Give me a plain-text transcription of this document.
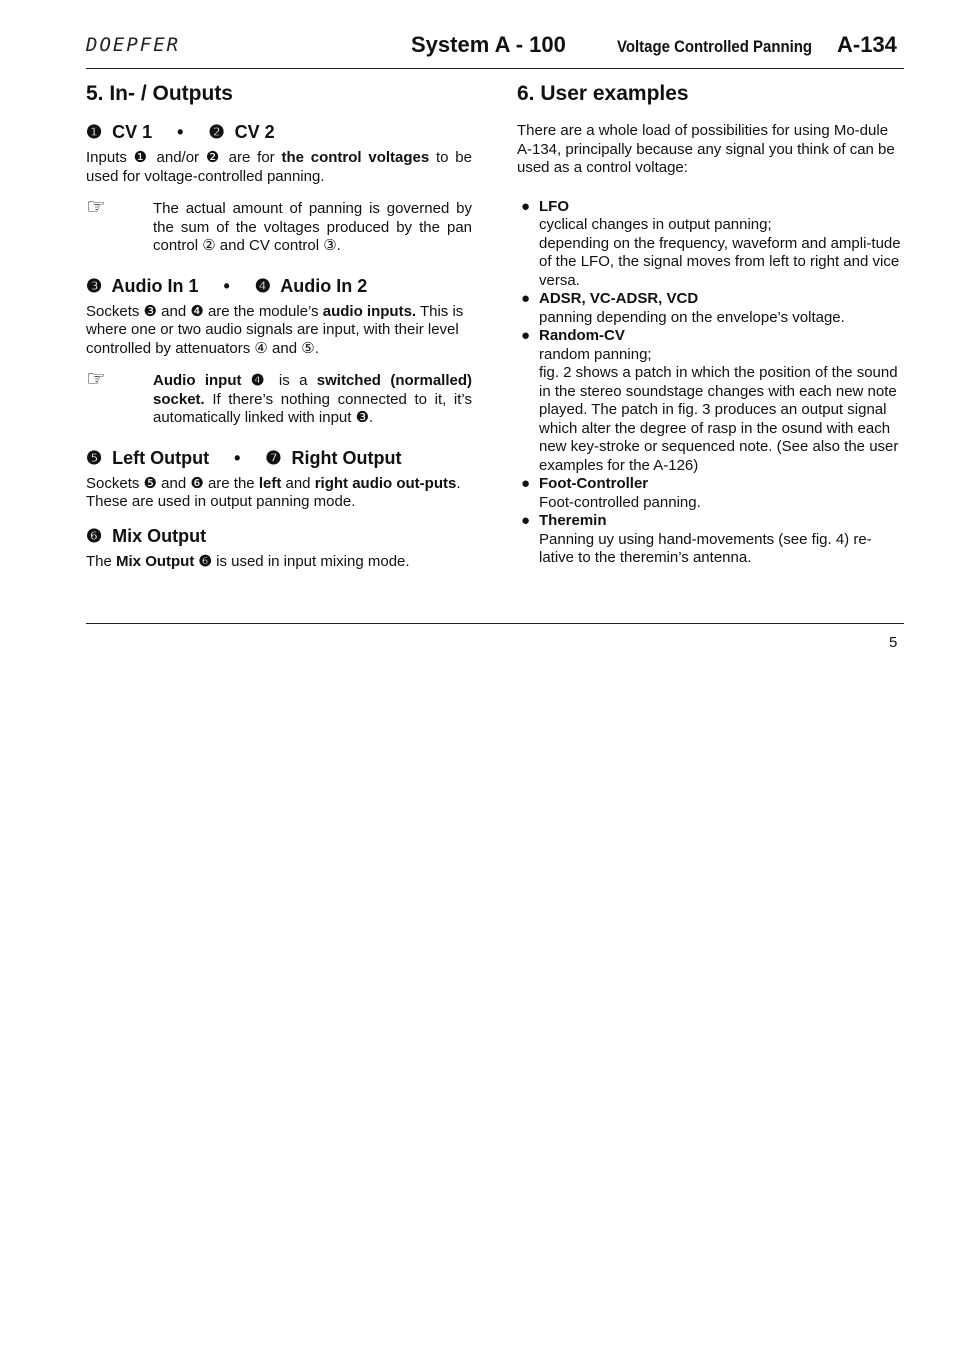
DOEPFER	System A - 100	Voltage Controlled Panning A-134
5. In- / Outputs
❶  CV 1     •     ❷  CV 2

Inputs ❶ and/or ❷ are for the control voltages to be used for voltage-controlled panning.

☞	The actual amount of panning is governed by the sum of the voltages produced by the pan control ② and CV control ③.
❸  Audio In 1     •     ❹  Audio In 2

Sockets ❸ and ❹ are the module’s audio inputs. This is where one or two audio signals are input, with their level controlled by attenuators ④ and ⑤.

☞	Audio input ❹ is a switched (normalled) socket. If there’s nothing connected to it, it’s automatically linked with input ❸.
❺  Left Output     •     ❼  Right Output

Sockets ❺ and ❻ are the left and right audio out-puts. These are used in output panning mode.

❻  Mix Output

The Mix Output ❻ is used in input mixing mode.

6. User examples

There are a whole load of possibilities for using Mo-dule A-134, principally because any signal you think of can be used as a control voltage:

● LFO
cyclical changes in output panning;
depending on the frequency, waveform and ampli-tude of the LFO, the signal moves from left to right and vice versa.
● ADSR, VC-ADSR, VCD
panning depending on the envelope’s voltage.
● Random-CV
random panning;
fig. 2 shows a patch in which the position of the sound in the stereo soundstage changes with each new note played. The patch in fig. 3 produces an output signal which alter the degree of rasp in the osund with each new key-stroke or sequenced note. (See also the user examples for the A-126)
● Foot-Controller
Foot-controlled panning.
● Theremin
Panning uy using hand-movements (see fig. 4) re-lative to the theremin’s antenna.
5
